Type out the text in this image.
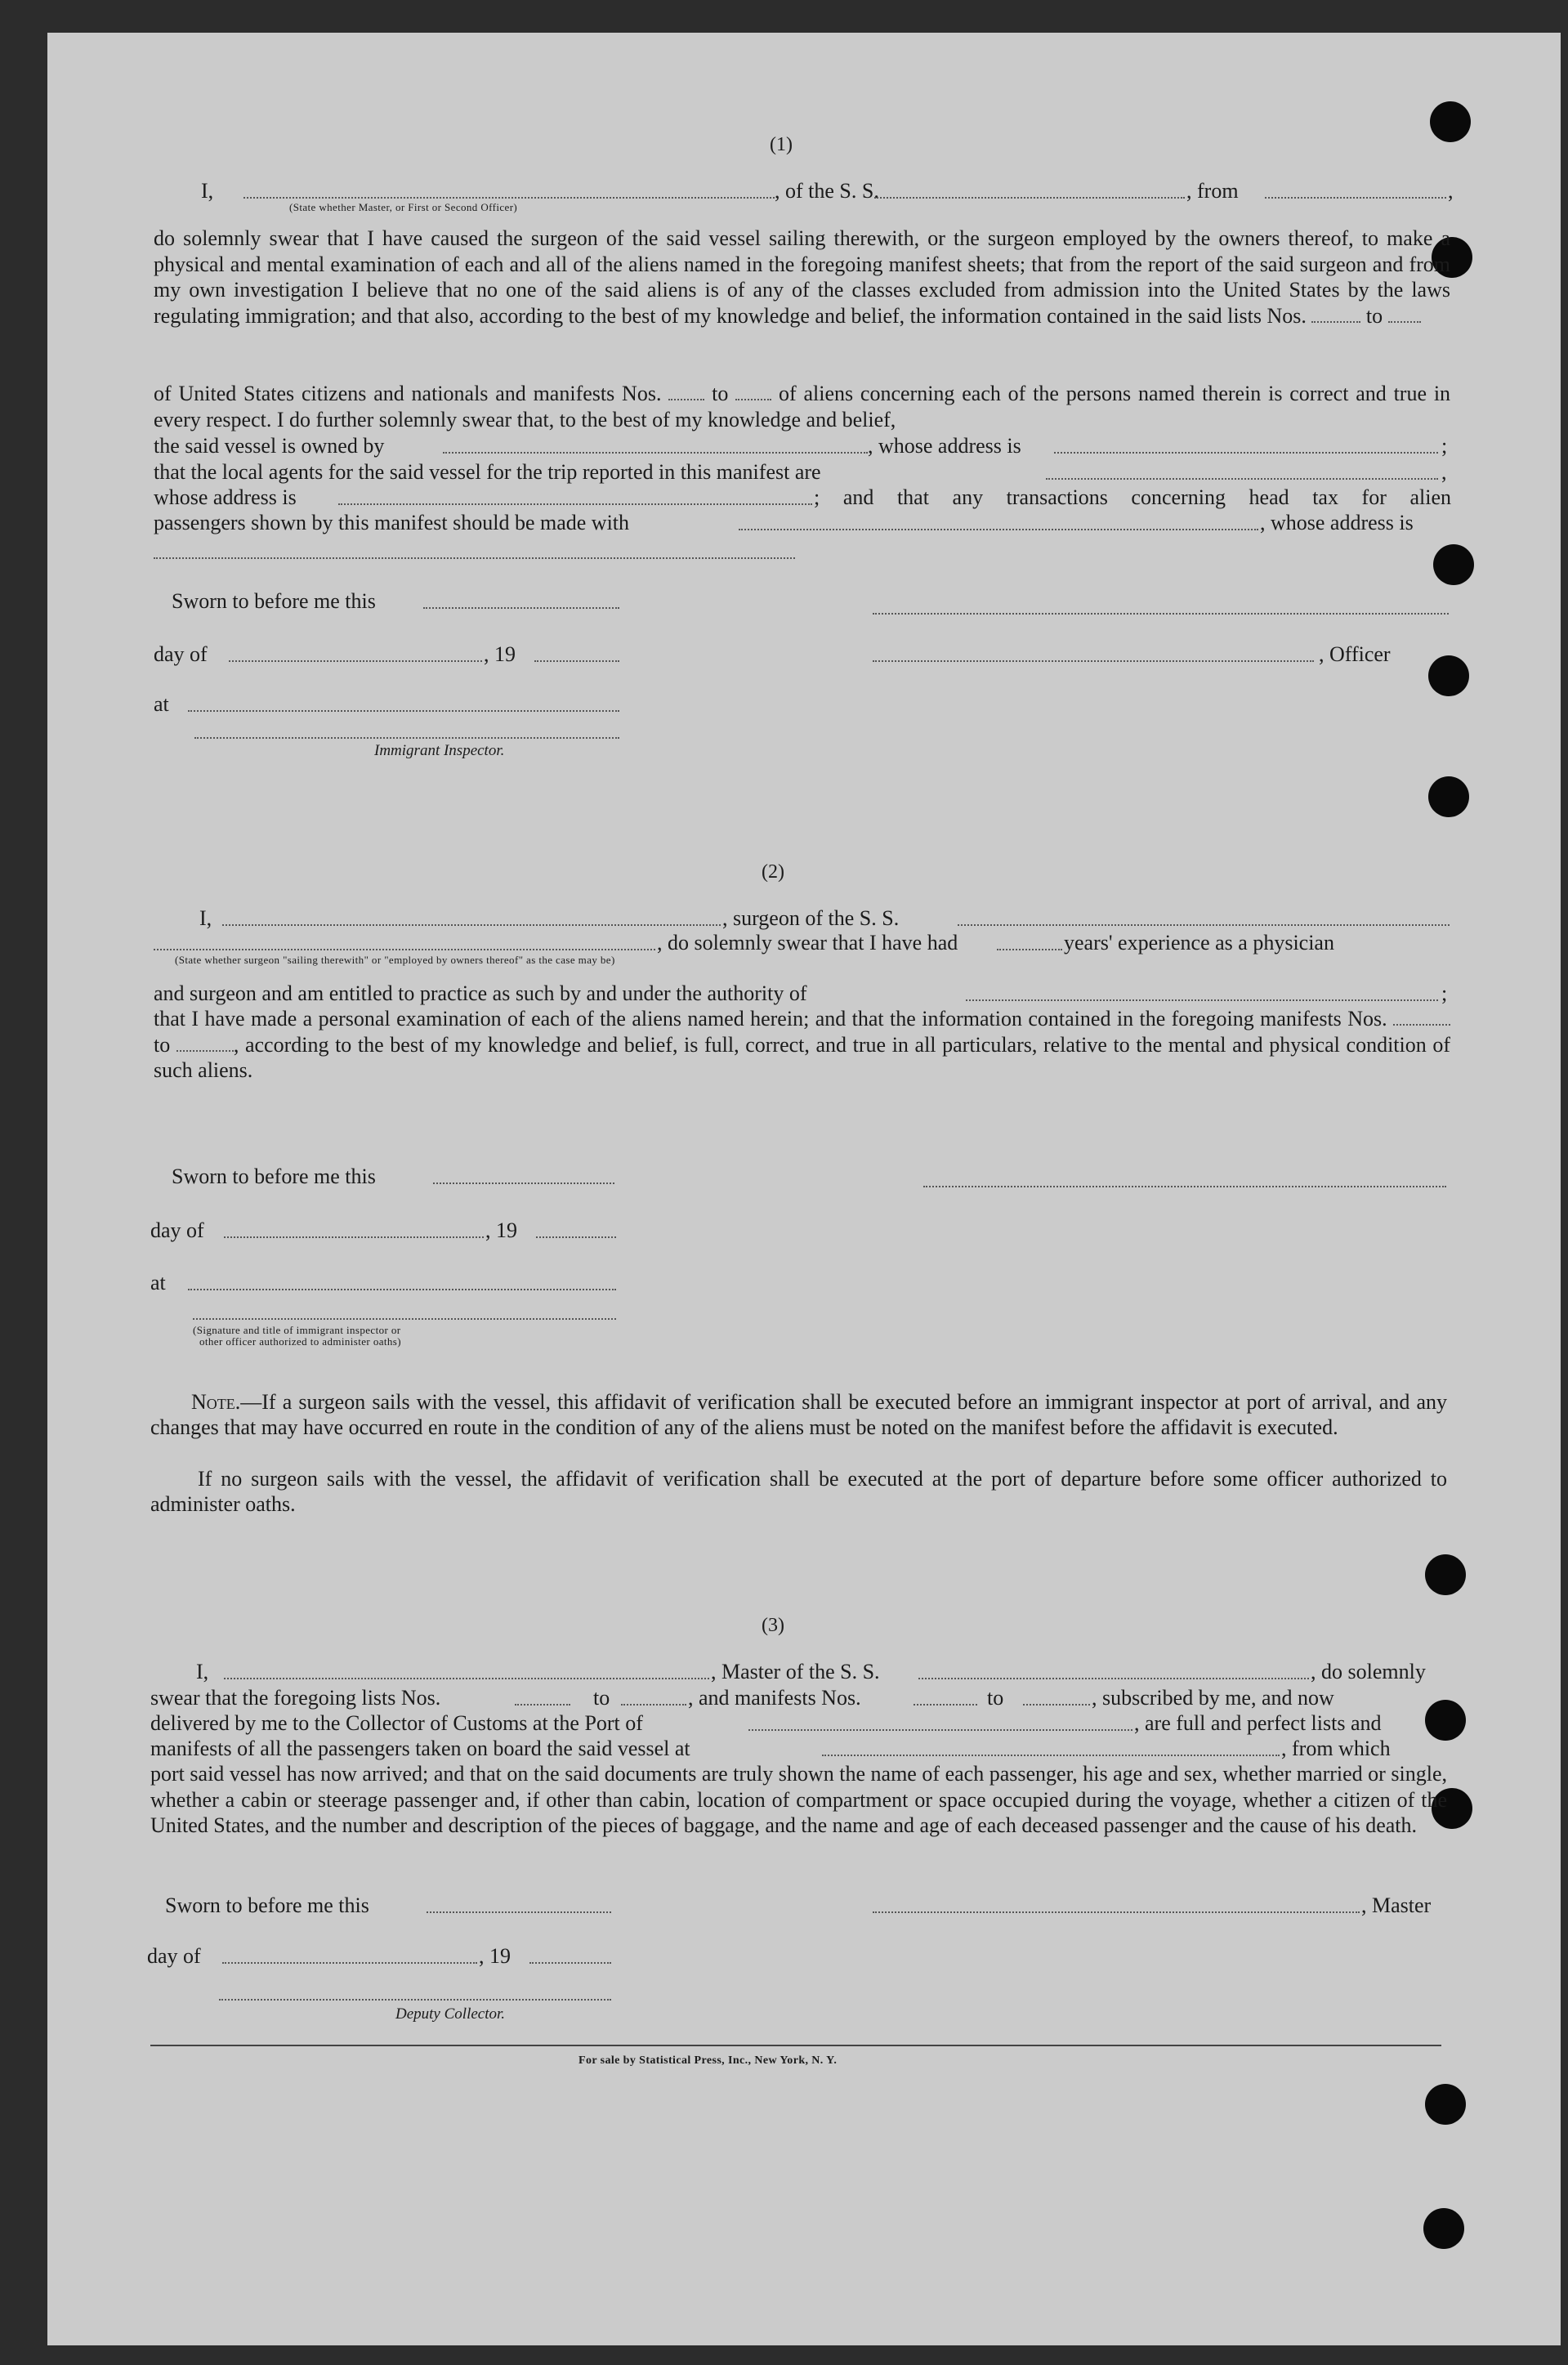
(1)
I,	, of the S. S.	, from	,
(State whether Master, or First or Second Officer)
do solemnly swear that I have caused the surgeon of the said vessel sailing therewith, or the surgeon employed by the owners thereof, to make a physical and mental examination of each and all of the aliens named in the foregoing manifest sheets; that from the report of the said surgeon and from my own investigation I believe that no one of the said aliens is of any of the classes excluded from admission into the United States by the laws regulating immigration; and that also, according to the best of my knowledge and belief, the information contained in the said lists Nos.	to
of United States citizens and nationals and manifests Nos. to of aliens concerning each of the persons named therein is correct and true in every respect. I do further solemnly swear that, to the best of my knowledge and belief,
the said vessel is owned by	, whose address is	;
that the local agents for the said vessel for the trip reported in this manifest are	,
whose address is	; and that any transactions concerning head tax for alien
passengers shown by this manifest should be made with	, whose address is
Sworn to before me this
day of	, 19	, Officer
at
Immigrant Inspector.
(2)
I,	, surgeon of the S. S.
, do solemnly swear that I have had	years' experience as a physician
(State whether surgeon "sailing therewith" or "employed by owners thereof" as the case may be)
and surgeon and am entitled to practice as such by and under the authority of	;
that I have made a personal examination of each of the aliens named herein; and that the information contained in the foregoing manifests Nos.  to	, according to the best of my knowledge and belief, is full, correct, and true in all particulars, relative to the mental and physical condition of such aliens.
Sworn to before me this
day of	, 19
at
(Signature and title of immigrant inspector or
other officer authorized to administer oaths)
Note.—If a surgeon sails with the vessel, this affidavit of verification shall be executed before an immigrant inspector at port of arrival, and any changes that may have occurred en route in the condition of any of the aliens must be noted on the manifest before the affidavit is executed.
If no surgeon sails with the vessel, the affidavit of verification shall be executed at the port of departure before some officer authorized to administer oaths.
(3)
I,	, Master of the S. S.	, do solemnly
swear that the foregoing lists Nos.	to	, and manifests Nos.	to	, subscribed by me, and now
delivered by me to the Collector of Customs at the Port of	, are full and perfect lists and
manifests of all the passengers taken on board the said vessel at	, from which
port said vessel has now arrived; and that on the said documents are truly shown the name of each passenger, his age and sex, whether married or single, whether a cabin or steerage passenger and, if other than cabin, location of compartment or space occupied during the voyage, whether a citizen of the United States, and the number and description of the pieces of baggage, and the name and age of each deceased passenger and the cause of his death.
Sworn to before me this	, Master
day of	, 19
Deputy Collector.
For sale by Statistical Press, Inc., New York, N. Y.
